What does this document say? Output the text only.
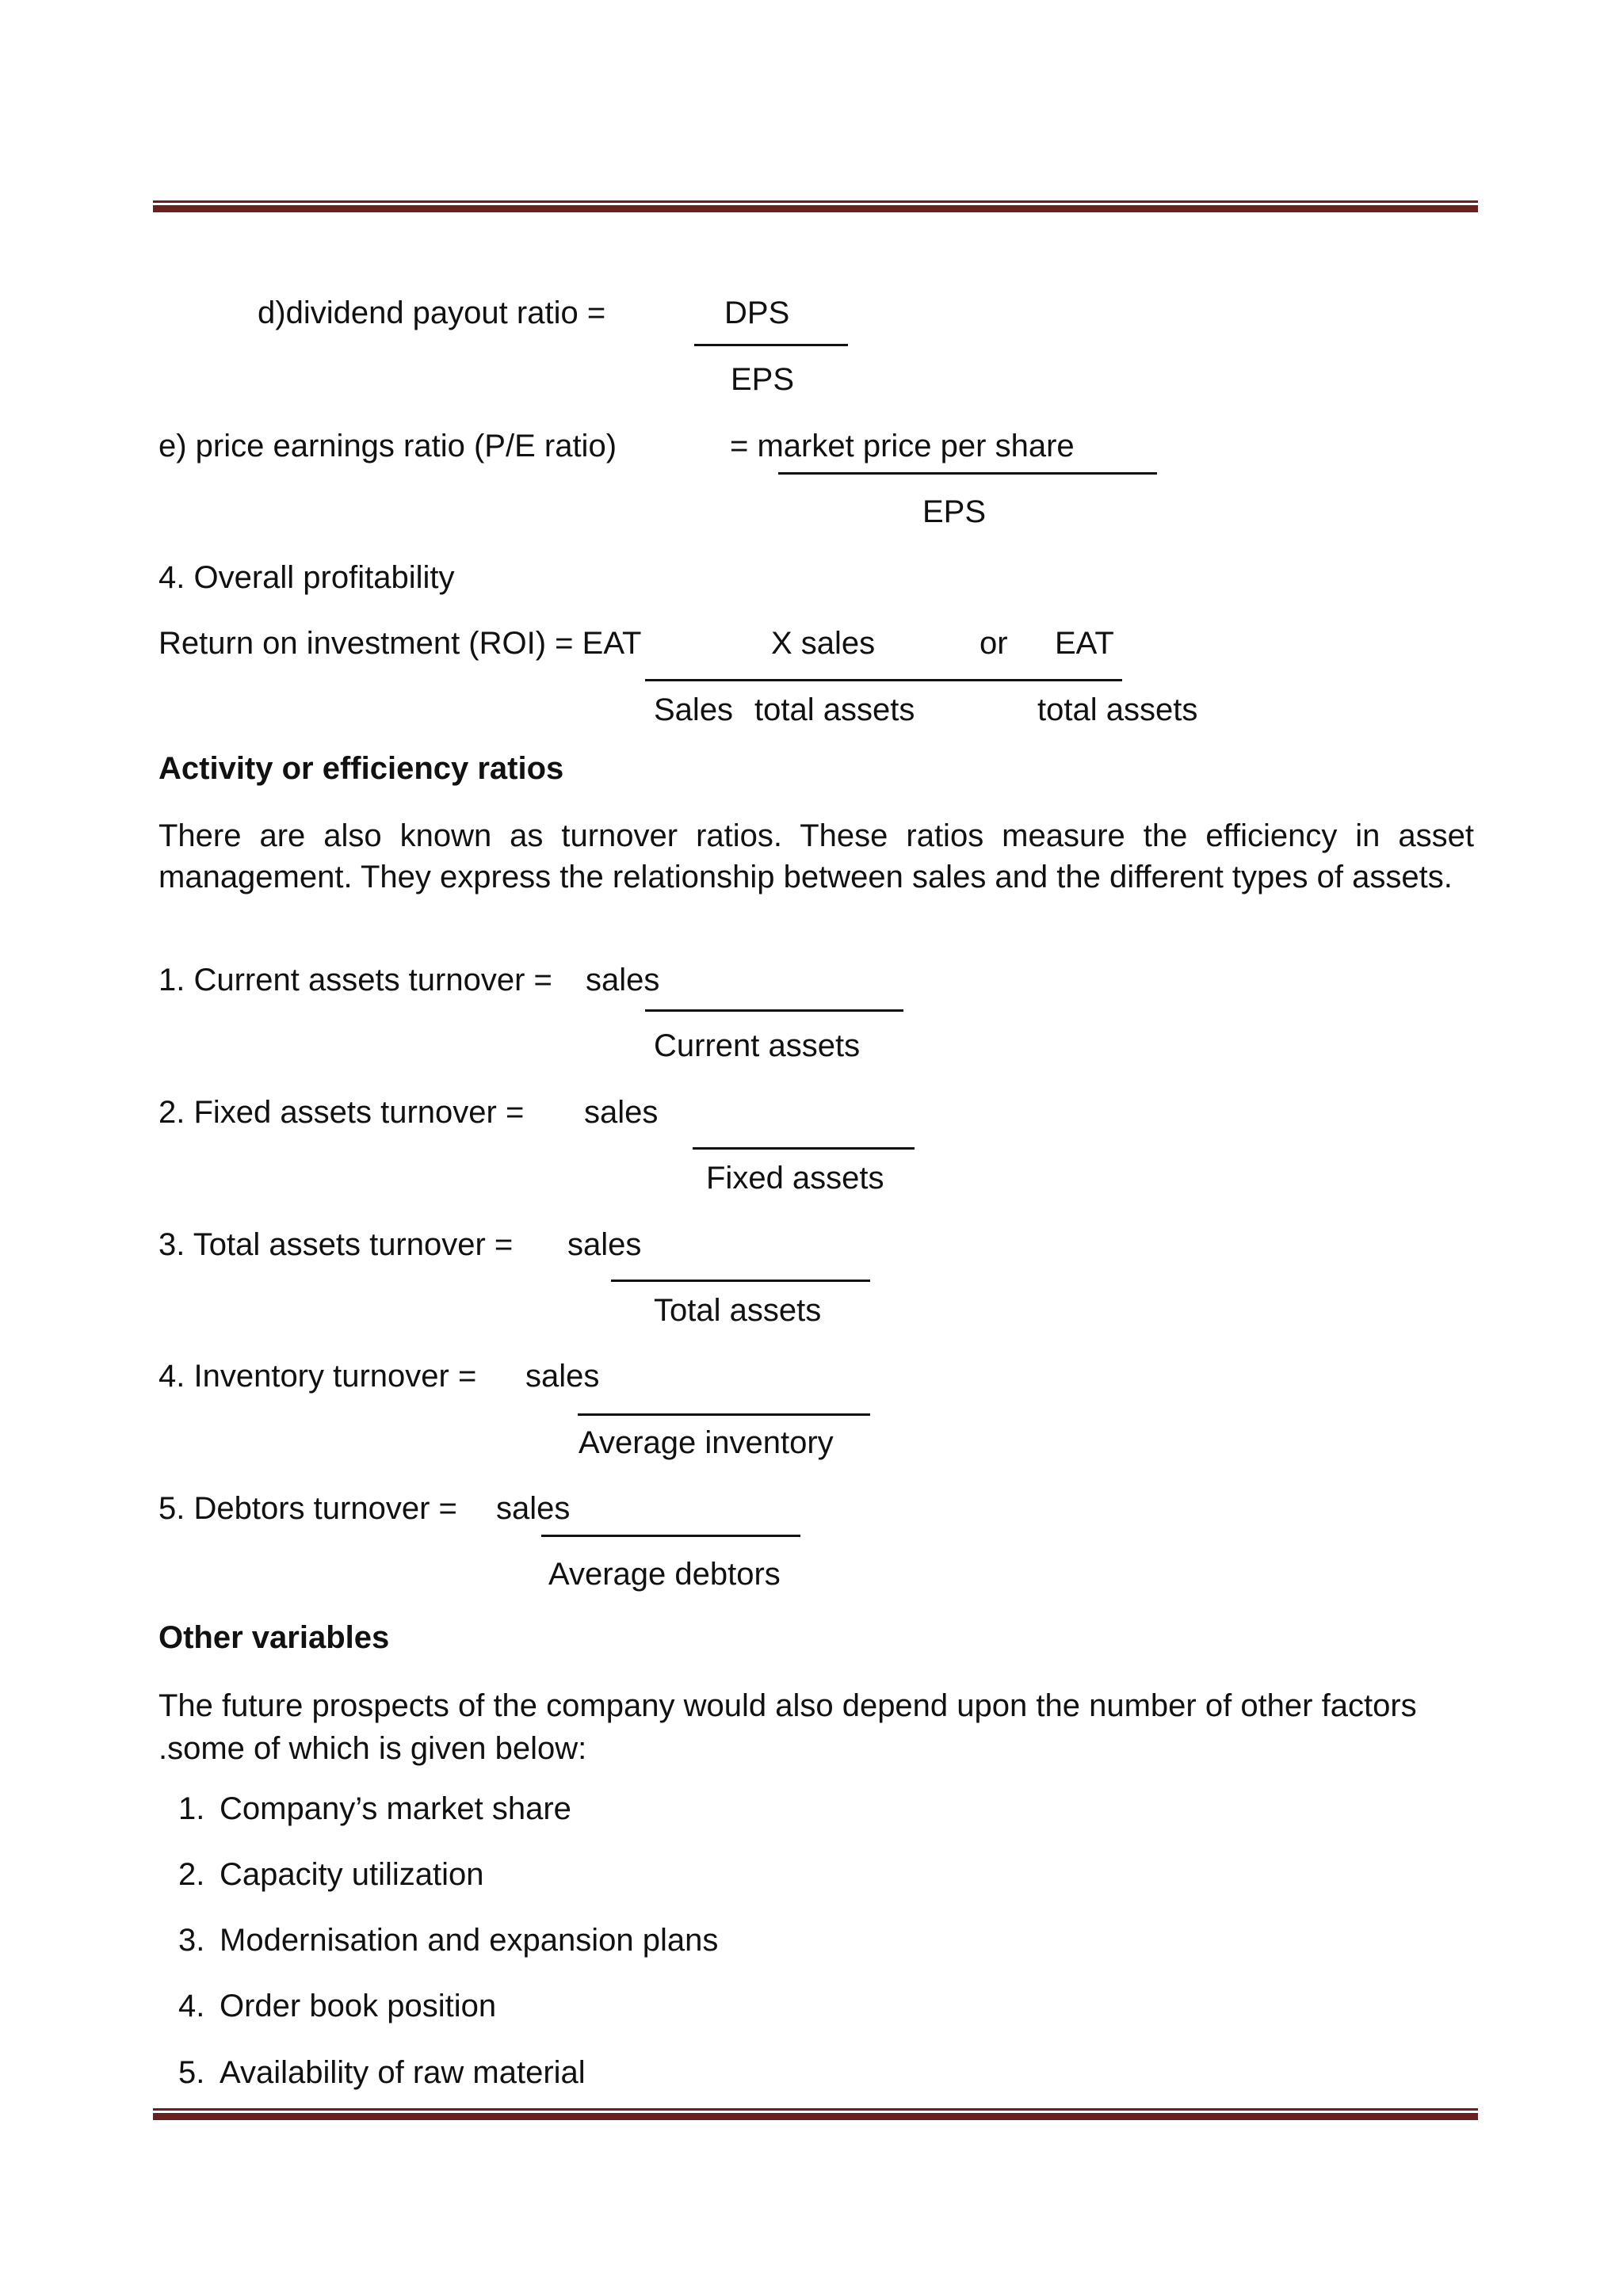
d)dividend payout ratio =	DPS
EPS
e) price earnings ratio (P/E ratio)	= market price per share
EPS
4. Overall profitability
Return on investment (ROI) = EAT	X sales	or EAT
Sales total assets	total assets
Activity or efficiency ratios
There are also known as turnover ratios. These ratios measure the efficiency in asset management. They express the relationship between sales and the different types of assets.
1. Current assets turnover = sales
Current assets
2. Fixed assets turnover = sales
Fixed assets
3. Total assets turnover = sales
Total assets
4. Inventory turnover = sales
Average inventory
5. Debtors turnover = sales
Average debtors
Other variables
The future prospects of the company would also depend upon the number of other factors .some of which is given below:
1. Company’s market share
2. Capacity utilization
3. Modernisation and expansion plans
4. Order book position
5. Availability of raw material
